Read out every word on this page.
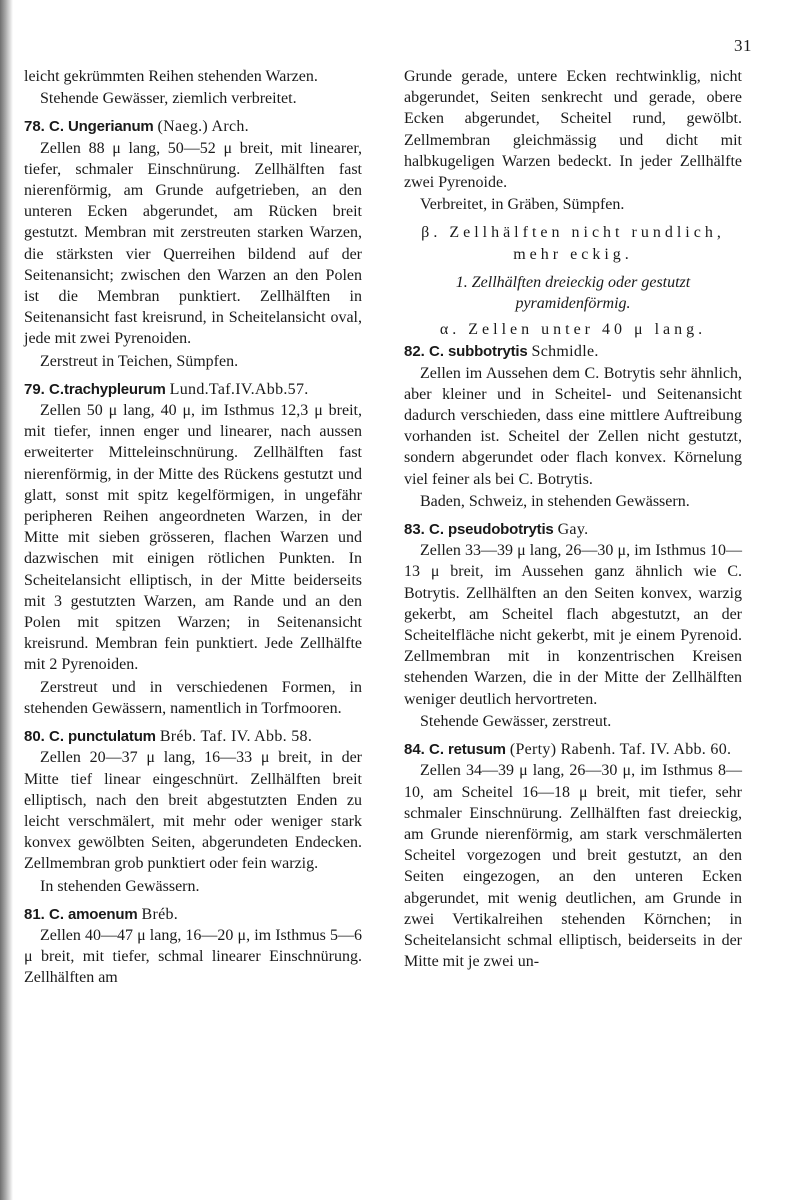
31

leicht gekrümmten Reihen stehenden Warzen.

Stehende Gewässer, ziemlich verbreitet.

78. C. Ungerianum (Naeg.) Arch.

Zellen 88 μ lang, 50—52 μ breit, mit linearer, tiefer, schmaler Einschnürung. Zellhälften fast nierenförmig, am Grunde aufgetrieben, an den unteren Ecken abgerundet, am Rücken breit gestutzt. Membran mit zerstreuten starken Warzen, die stärksten vier Querreihen bildend auf der Seitenansicht; zwischen den Warzen an den Polen ist die Membran punktiert. Zellhälften in Seitenansicht fast kreisrund, in Scheitelansicht oval, jede mit zwei Pyrenoiden.

Zerstreut in Teichen, Sümpfen.

79. C.trachypleurum Lund.Taf.IV.Abb.57.

Zellen 50 μ lang, 40 μ, im Isthmus 12,3 μ breit, mit tiefer, innen enger und linearer, nach aussen erweiterter Mitteleinschnürung. Zellhälften fast nierenförmig, in der Mitte des Rückens gestutzt und glatt, sonst mit spitz kegelförmigen, in ungefähr peripheren Reihen angeordneten Warzen, in der Mitte mit sieben grösseren, flachen Warzen und dazwischen mit einigen rötlichen Punkten. In Scheitelansicht elliptisch, in der Mitte beiderseits mit 3 gestutzten Warzen, am Rande und an den Polen mit spitzen Warzen; in Seitenansicht kreisrund. Membran fein punktiert. Jede Zellhälfte mit 2 Pyrenoiden.

Zerstreut und in verschiedenen Formen, in stehenden Gewässern, namentlich in Torfmooren.

80. C. punctulatum Bréb. Taf. IV. Abb. 58.

Zellen 20—37 μ lang, 16—33 μ breit, in der Mitte tief linear eingeschnürt. Zellhälften breit elliptisch, nach den breit abgestutzten Enden zu leicht verschmälert, mit mehr oder weniger stark konvex gewölbten Seiten, abgerundeten Endecken. Zellmembran grob punktiert oder fein warzig.

In stehenden Gewässern.

81. C. amoenum Bréb.

Zellen 40—47 μ lang, 16—20 μ, im Isthmus 5—6 μ breit, mit tiefer, schmal linearer Einschnürung. Zellhälften am

Grunde gerade, untere Ecken rechtwinklig, nicht abgerundet, Seiten senkrecht und gerade, obere Ecken abgerundet, Scheitel rund, gewölbt. Zellmembran gleichmässig und dicht mit halbkugeligen Warzen bedeckt. In jeder Zellhälfte zwei Pyrenoide.

Verbreitet, in Gräben, Sümpfen.

β. Zellhälften nicht rundlich, mehr eckig.

1. Zellhälften dreieckig oder gestutzt pyramidenförmig.

α. Zellen unter 40 μ lang.

82. C. subbotrytis Schmidle.

Zellen im Aussehen dem C. Botrytis sehr ähnlich, aber kleiner und in Scheitel- und Seitenansicht dadurch verschieden, dass eine mittlere Auftreibung vorhanden ist. Scheitel der Zellen nicht gestutzt, sondern abgerundet oder flach konvex. Körnelung viel feiner als bei C. Botrytis.

Baden, Schweiz, in stehenden Gewässern.

83. C. pseudobotrytis Gay.

Zellen 33—39 μ lang, 26—30 μ, im Isthmus 10—13 μ breit, im Aussehen ganz ähnlich wie C. Botrytis. Zellhälften an den Seiten konvex, warzig gekerbt, am Scheitel flach abgestutzt, an der Scheitelfläche nicht gekerbt, mit je einem Pyrenoid. Zellmembran mit in konzentrischen Kreisen stehenden Warzen, die in der Mitte der Zellhälften weniger deutlich hervortreten.

Stehende Gewässer, zerstreut.

84. C. retusum (Perty) Rabenh. Taf. IV. Abb. 60.

Zellen 34—39 μ lang, 26—30 μ, im Isthmus 8—10, am Scheitel 16—18 μ breit, mit tiefer, sehr schmaler Einschnürung. Zellhälften fast dreieckig, am Grunde nierenförmig, am stark verschmälerten Scheitel vorgezogen und breit gestutzt, an den Seiten eingezogen, an den unteren Ecken abgerundet, mit wenig deutlichen, am Grunde in zwei Vertikalreihen stehenden Körnchen; in Scheitelansicht schmal elliptisch, beiderseits in der Mitte mit je zwei un-
